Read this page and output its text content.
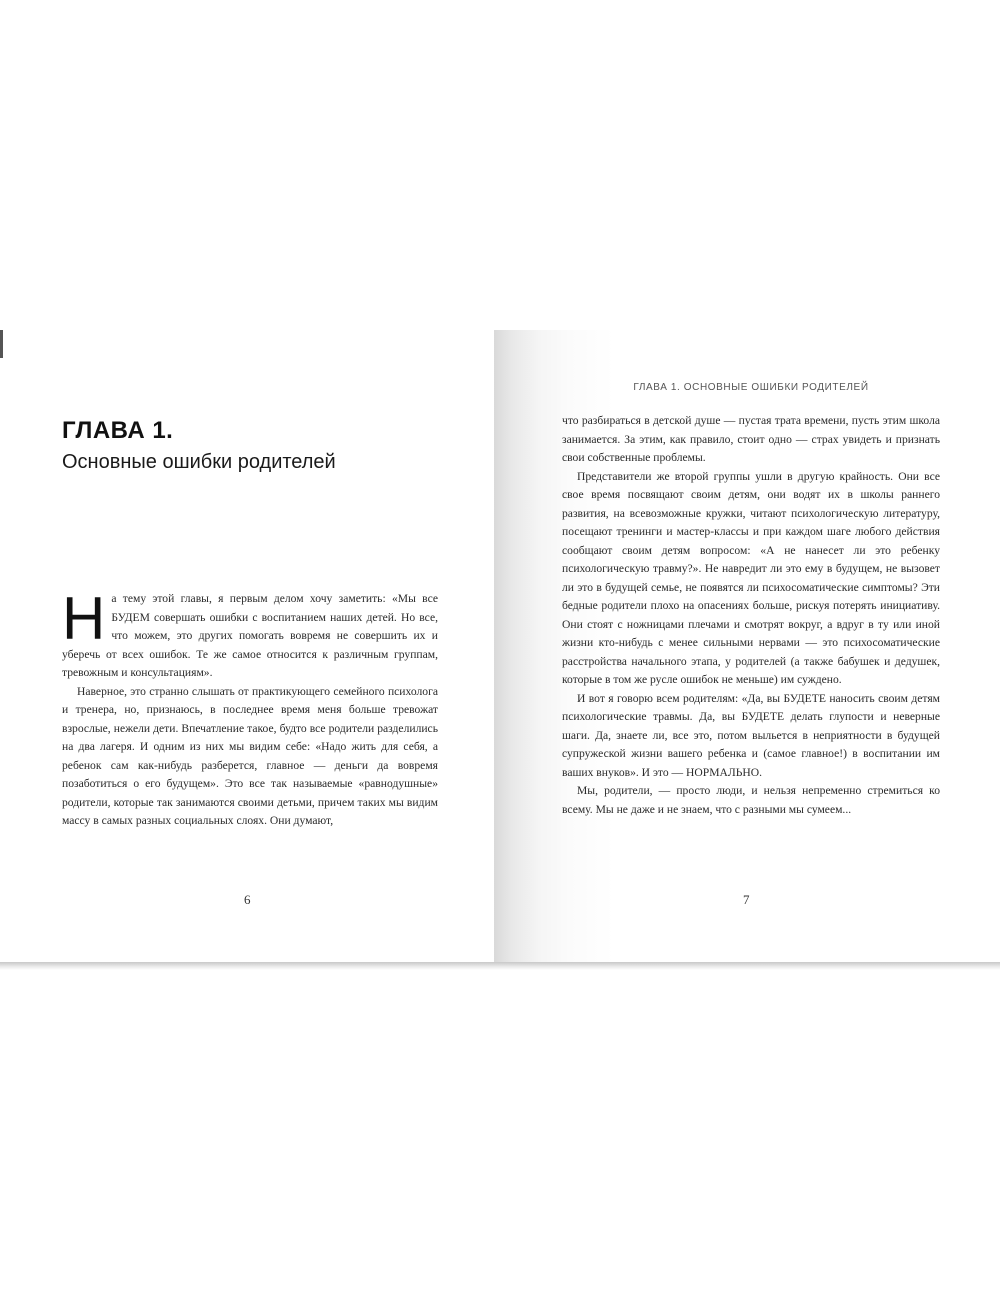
ГЛАВА 1.
Основные ошибки родителей

На тему этой главы, я первым делом хочу заметить: «Мы все БУДЕМ совершать ошибки с воспитанием наших детей. Но все, что можем, это других помогать вовремя не совершить их и уберечь от всех ошибок. Те же самое относится к различным группам, тревожным и консультациям».

Наверное, это странно слышать от практикующего семейного психолога и тренера, но, признаюсь, в последнее время меня больше тревожат взрослые, нежели дети. Впечатление такое, будто все родители разделились на два лагеря. И одним из них мы видим себе: «Надо жить для себя, а ребенок сам как-нибудь разберется, главное — деньги да вовремя позаботиться о его будущем». Это все так называемые «равнодушные» родители, которые так занимаются своими детьми, причем таких мы видим массу в самых разных социальных слоях. Они думают,

6
ГЛАВА 1. ОСНОВНЫЕ ОШИБКИ РОДИТЕЛЕЙ

что разбираться в детской душе — пустая трата времени, пусть этим школа занимается. За этим, как правило, стоит одно — страх увидеть и признать свои собственные проблемы.

Представители же второй группы ушли в другую крайность. Они все свое время посвящают своим детям, они водят их в школы раннего развития, на всевозможные кружки, читают психологическую литературу, посещают тренинги и мастер-классы и при каждом шаге любого действия сообщают своим детям вопросом: «А не нанесет ли это ребенку психологическую травму?». Не навредит ли это ему в будущем, не вызовет ли это в будущей семье, не появятся ли психосоматические симптомы? Эти бедные родители плохо на опасениях больше, рискуя потерять инициативу. Они стоят с ножницами плечами и смотрят вокруг, а вдруг в ту или иной жизни кто-нибудь с менее сильными нервами — это психосоматические расстройства начального этапа, у родителей (а также бабушек и дедушек, которые в том же русле ошибок не меньше) им суждено.

И вот я говорю всем родителям: «Да, вы БУДЕТЕ наносить своим детям психологические травмы. Да, вы БУДЕТЕ делать глупости и неверные шаги. Да, знаете ли, все это, потом выльется в неприятности в будущей супружеской жизни вашего ребенка и (самое главное!) в воспитании им ваших внуков». И это — НОРМАЛЬНО.

Мы, родители, — просто люди, и нельзя непременно стремиться ко всему. Мы не даже и не знаем, что с разными мы сумеем...

7
